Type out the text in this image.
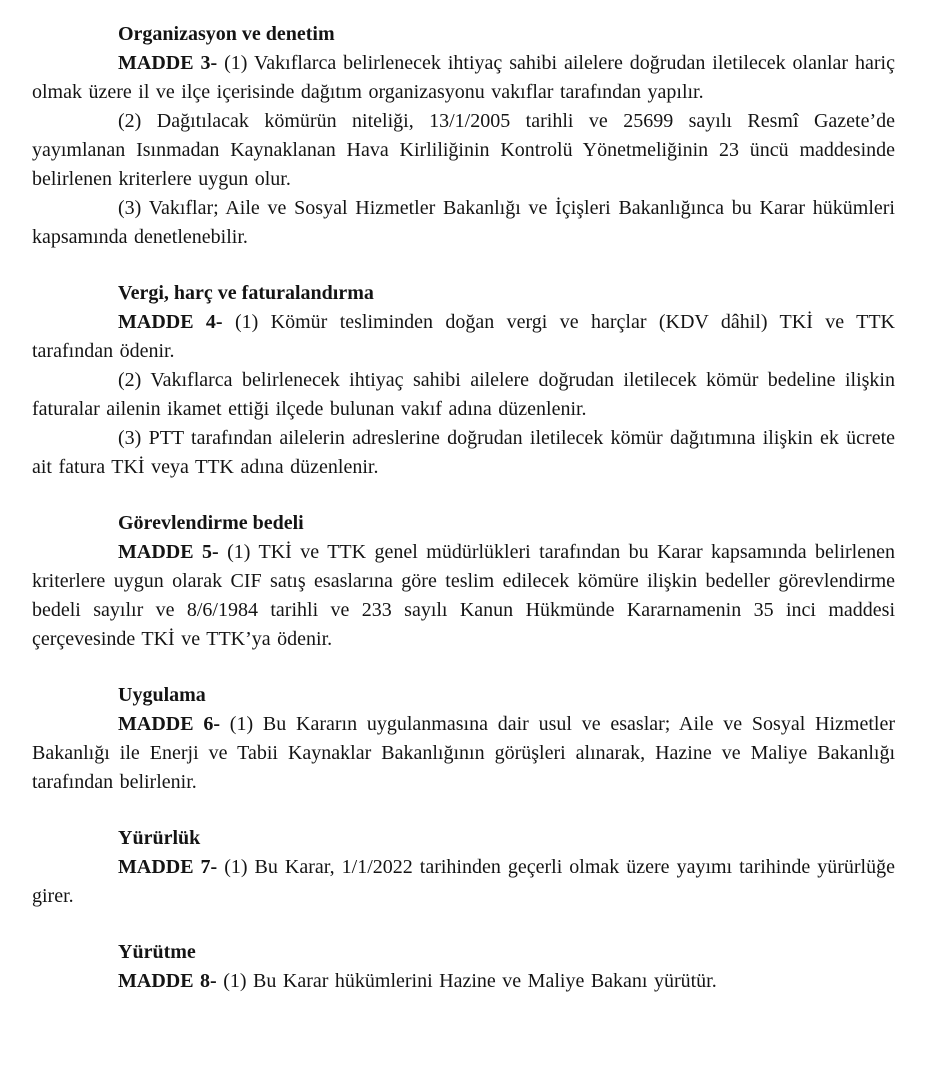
Organizasyon ve denetim

MADDE 3- (1) Vakıflarca belirlenecek ihtiyaç sahibi ailelere doğrudan iletilecek olanlar hariç olmak üzere il ve ilçe içerisinde dağıtım organizasyonu vakıflar tarafından yapılır.

(2) Dağıtılacak kömürün niteliği, 13/1/2005 tarihli ve 25699 sayılı Resmî Gazete’de yayımlanan Isınmadan Kaynaklanan Hava Kirliliğinin Kontrolü Yönetmeliğinin 23 üncü maddesinde belirlenen kriterlere uygun olur.

(3) Vakıflar; Aile ve Sosyal Hizmetler Bakanlığı ve İçişleri Bakanlığınca bu Karar hükümleri kapsamında denetlenebilir.

Vergi, harç ve faturalandırma

MADDE 4- (1) Kömür tesliminden doğan vergi ve harçlar (KDV dâhil) TKİ ve TTK tarafından ödenir.

(2) Vakıflarca belirlenecek ihtiyaç sahibi ailelere doğrudan iletilecek kömür bedeline ilişkin faturalar ailenin ikamet ettiği ilçede bulunan vakıf adına düzenlenir.

(3) PTT tarafından ailelerin adreslerine doğrudan iletilecek kömür dağıtımına ilişkin ek ücrete ait fatura TKİ veya TTK adına düzenlenir.

Görevlendirme bedeli

MADDE 5- (1) TKİ ve TTK genel müdürlükleri tarafından bu Karar kapsamında belirlenen kriterlere uygun olarak CIF satış esaslarına göre teslim edilecek kömüre ilişkin bedeller görevlendirme bedeli sayılır ve 8/6/1984 tarihli ve 233 sayılı Kanun Hükmünde Kararnamenin 35 inci maddesi çerçevesinde TKİ ve TTK’ya ödenir.

Uygulama

MADDE 6- (1) Bu Kararın uygulanmasına dair usul ve esaslar; Aile ve Sosyal Hizmetler Bakanlığı ile Enerji ve Tabii Kaynaklar Bakanlığının görüşleri alınarak, Hazine ve Maliye Bakanlığı tarafından belirlenir.

Yürürlük

MADDE 7- (1) Bu Karar, 1/1/2022 tarihinden geçerli olmak üzere yayımı tarihinde yürürlüğe girer.

Yürütme

MADDE 8- (1) Bu Karar hükümlerini Hazine ve Maliye Bakanı yürütür.
